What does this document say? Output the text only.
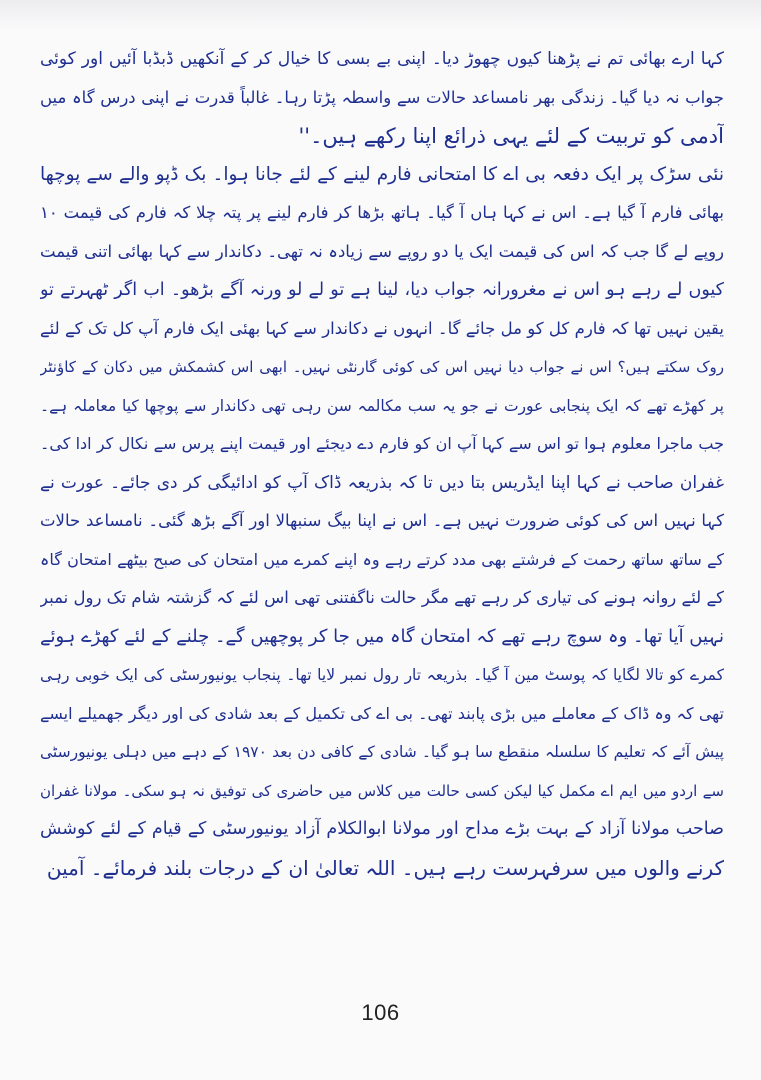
کہا ارے بھائی تم نے پڑھنا کیوں چھوڑ دیا۔ اپنی بے بسی کا خیال کر کے آنکھیں ڈبڈبا آئیں اور کوئی
جواب نہ دیا گیا۔ زندگی بھر نامساعد حالات سے واسطہ پڑتا رہا۔ غالباً قدرت نے اپنی درس گاہ میں
آدمی کو تربیت کے لئے یہی ذرائع اپنا رکھے ہیں۔''
نئی سڑک پر ایک دفعہ بی اے کا امتحانی فارم لینے کے لئے جانا ہوا۔ بک ڈپو والے سے پوچھا
بھائی فارم آ گیا ہے۔ اس نے کہا ہاں آ گیا۔ ہاتھ بڑھا کر فارم لینے پر پتہ چلا کہ فارم کی قیمت ۱۰
روپے لے گا جب کہ اس کی قیمت ایک یا دو روپے سے زیادہ نہ تھی۔ دکاندار سے کہا بھائی اتنی قیمت
کیوں لے رہے ہو اس نے مغرورانہ جواب دیا، لینا ہے تو لے لو ورنہ آگے بڑھو۔ اب اگر ٹھہرتے تو
یقین نہیں تھا کہ فارم کل کو مل جائے گا۔ انہوں نے دکاندار سے کہا بھئی ایک فارم آپ کل تک کے لئے
روک سکتے ہیں؟ اس نے جواب دیا نہیں اس کی کوئی گارنٹی نہیں۔ ابھی اس کشمکش میں دکان کے کاؤنٹر
پر کھڑے تھے کہ ایک پنجابی عورت نے جو یہ سب مکالمہ سن رہی تھی دکاندار سے پوچھا کیا معاملہ ہے۔
جب ماجرا معلوم ہوا تو اس سے کہا آپ ان کو فارم دے دیجئے اور قیمت اپنے پرس سے نکال کر ادا کی۔
غفران صاحب نے کہا اپنا ایڈریس بتا دیں تا کہ بذریعہ ڈاک آپ کو ادائیگی کر دی جائے۔ عورت نے
کہا نہیں اس کی کوئی ضرورت نہیں ہے۔ اس نے اپنا بیگ سنبھالا اور آگے بڑھ گئی۔ نامساعد حالات
کے ساتھ ساتھ رحمت کے فرشتے بھی مدد کرتے رہے وہ اپنے کمرے میں امتحان کی صبح بیٹھے امتحان گاہ
کے لئے روانہ ہونے کی تیاری کر رہے تھے مگر حالت ناگفتنی تھی اس لئے کہ گزشتہ شام تک رول نمبر
نہیں آیا تھا۔ وہ سوچ رہے تھے کہ امتحان گاہ میں جا کر پوچھیں گے۔ چلنے کے لئے کھڑے ہوئے
کمرے کو تالا لگایا کہ پوسٹ مین آ گیا۔ بذریعہ تار رول نمبر لایا تھا۔ پنجاب یونیورسٹی کی ایک خوبی رہی
تھی کہ وہ ڈاک کے معاملے میں بڑی پابند تھی۔ بی اے کی تکمیل کے بعد شادی کی اور دیگر جھمیلے ایسے
پیش آئے کہ تعلیم کا سلسلہ منقطع سا ہو گیا۔ شادی کے کافی دن بعد ۱۹۷۰ کے دہے میں دہلی یونیورسٹی
سے اردو میں ایم اے مکمل کیا لیکن کسی حالت میں کلاس میں حاضری کی توفیق نہ ہو سکی۔ مولانا غفران
صاحب مولانا آزاد کے بہت بڑے مداح اور مولانا ابوالکلام آزاد یونیورسٹی کے قیام کے لئے کوشش
کرنے والوں میں سرفہرست رہے ہیں۔ اللہ تعالیٰ ان کے درجات بلند فرمائے۔ آمین
106
